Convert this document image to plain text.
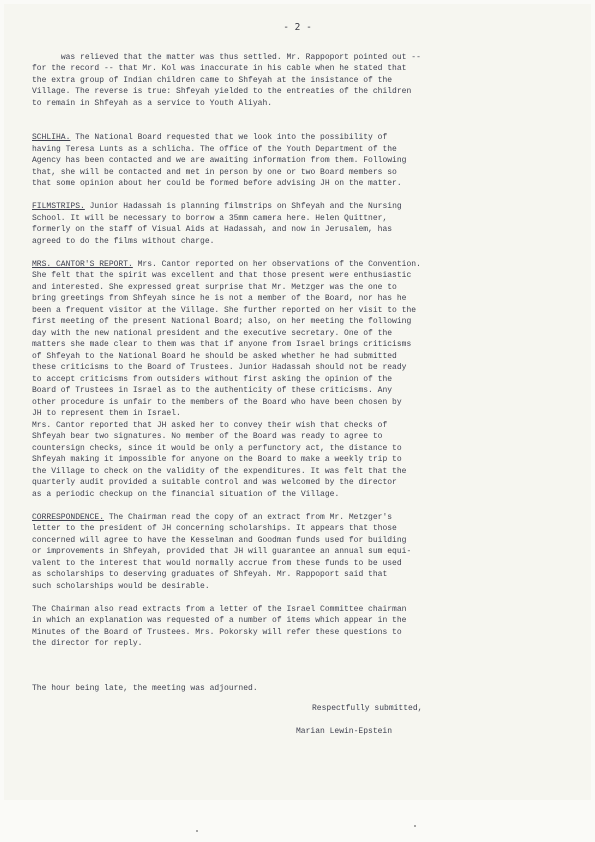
- 2 -

was relieved that the matter was thus settled. Mr. Rappoport pointed out --
for the record -- that Mr. Kol was inaccurate in his cable when he stated that
the extra group of Indian children came to Shfeyah at the insistance of the
Village. The reverse is true: Shfeyah yielded to the entreaties of the children
to remain in Shfeyah as a service to Youth Aliyah.

SCHLIHA. The National Board requested that we look into the possibility of
having Teresa Lunts as a schlicha. The office of the Youth Department of the
Agency has been contacted and we are awaiting information from them. Following
that, she will be contacted and met in person by one or two Board members so
that some opinion about her could be formed before advising JH on the matter.

FILMSTRIPS. Junior Hadassah is planning filmstrips on Shfeyah and the Nursing
School. It will be necessary to borrow a 35mm camera here. Helen Quittner,
formerly on the staff of Visual Aids at Hadassah, and now in Jerusalem, has
agreed to do the films without charge.

MRS. CANTOR'S REPORT. Mrs. Cantor reported on her observations of the Convention.
She felt that the spirit was excellent and that those present were enthusiastic
and interested. She expressed great surprise that Mr. Metzger was the one to
bring greetings from Shfeyah since he is not a member of the Board, nor has he
been a frequent visitor at the Village. She further reported on her visit to the
first meeting of the present National Board; also, on her meeting the following
day with the new national president and the executive secretary. One of the
matters she made clear to them was that if anyone from Israel brings criticisms
of Shfeyah to the National Board he should be asked whether he had submitted
these criticisms to the Board of Trustees. Junior Hadassah should not be ready
to accept criticisms from outsiders without first asking the opinion of the
Board of Trustees in Israel as to the authenticity of these criticisms. Any
other procedure is unfair to the members of the Board who have been chosen by
JH to represent them in Israel.
Mrs. Cantor reported that JH asked her to convey their wish that checks of
Shfeyah bear two signatures. No member of the Board was ready to agree to
countersign checks, since it would be only a perfunctory act, the distance to
Shfeyah making it impossible for anyone on the Board to make a weekly trip to
the Village to check on the validity of the expenditures. It was felt that the
quarterly audit provided a suitable control and was welcomed by the director
as a periodic checkup on the financial situation of the Village.

CORRESPONDENCE. The Chairman read the copy of an extract from Mr. Metzger's
letter to the president of JH concerning scholarships. It appears that those
concerned will agree to have the Kesselman and Goodman funds used for building
or improvements in Shfeyah, provided that JH will guarantee an annual sum equi-
valent to the interest that would normally accrue from these funds to be used
as scholarships to deserving graduates of Shfeyah. Mr. Rappoport said that
such scholarships would be desirable.

The Chairman also read extracts from a letter of the Israel Committee chairman
in which an explanation was requested of a number of items which appear in the
Minutes of the Board of Trustees. Mrs. Pokorsky will refer these questions to
the director for reply.

The hour being late, the meeting was adjourned.
Respectfully submitted,
Marian Lewin-Epstein
